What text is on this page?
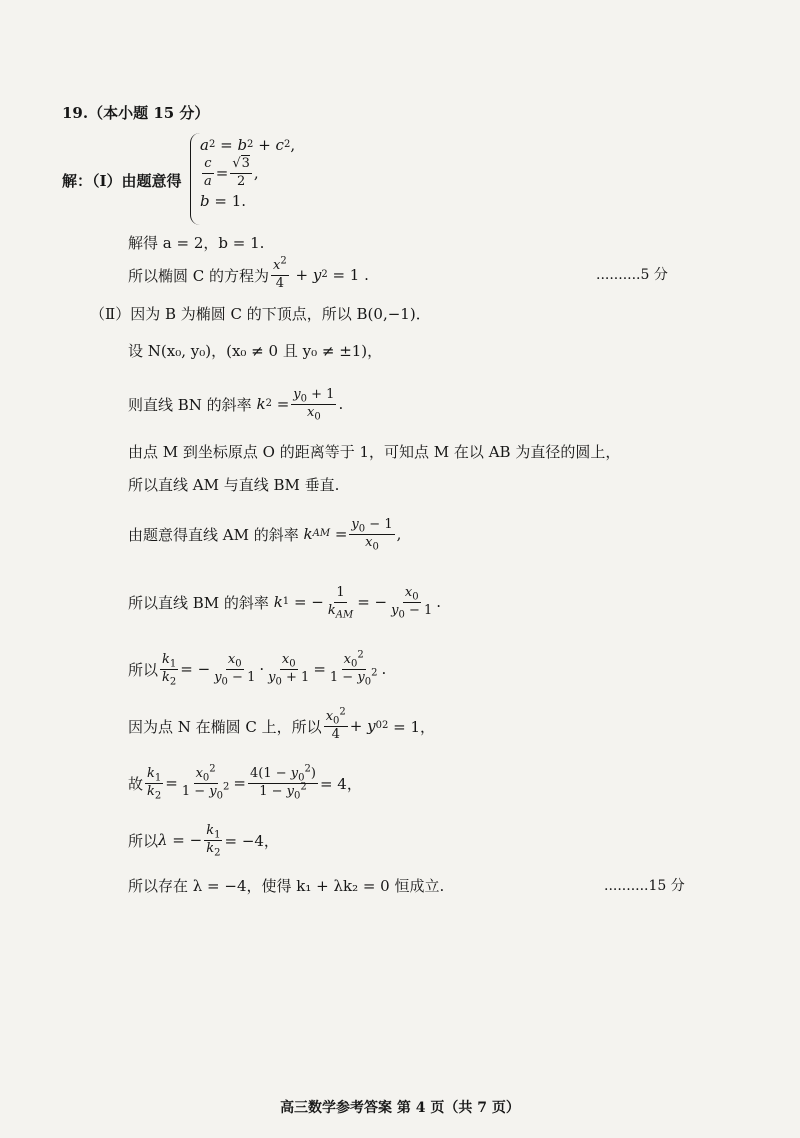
19.（本小题 15 分）
解：（Ⅰ）由题意得
a 2 = b 2 + c 2 ,
$\frac{c}{a} = \frac{√3}{2}$ ,
b = 1.
解得 a = 2，b = 1.
所以椭圆 C 的方程为 $\frac{x^2}{4} + y$ 2 = 1 .	..........5 分
（Ⅱ）因为 B 为椭圆 C 的下顶点，所以 B(0,−1)．
设 N(x₀, y₀)，(x₀ ≠ 0 且 y₀ ≠ ±1)，
则直线 BN 的斜率
k $2 = \frac{y_0 + 1}{x_0}$ .
由点 M 到坐标原点 O 的距离等于 1，可知点 M 在以 AB 为直径的圆上，
所以直线 AM 与直线 BM 垂直.
由题意得直线 AM 的斜率
k AM = $\frac{y_0 - 1}{x_0}$ ,
所以直线 BM 的斜率
k 1 = − $\frac{1}{k_{AM}}$ = − $\frac{x_0}{y_0 - 1}$ .
所以 $\frac{k_1}{k_2}$ = − $\frac{x_0}{y_0 - 1} \cdot \frac{x_0}{y_0 + 1} = \frac{x_0^2}{1 - y_0^2}$ .
因为点 N 在椭圆 C 上，所以 $\frac{x_0^2}{4} + y$ 0 2 = 1，
故 $\frac{k_1}{k_2} = \frac{x_0^2}{1 - y_0^2} = \frac{4(1 - y_0^2)}{1 - y_0^2} = 4$，
所以 λ = − $\frac{k_1}{k_2} = -4$，
所以存在 λ = −4，使得 k₁ + λk₂ = 0 恒成立.	..........15 分
高三数学参考答案 第 4 页（共 7 页）
